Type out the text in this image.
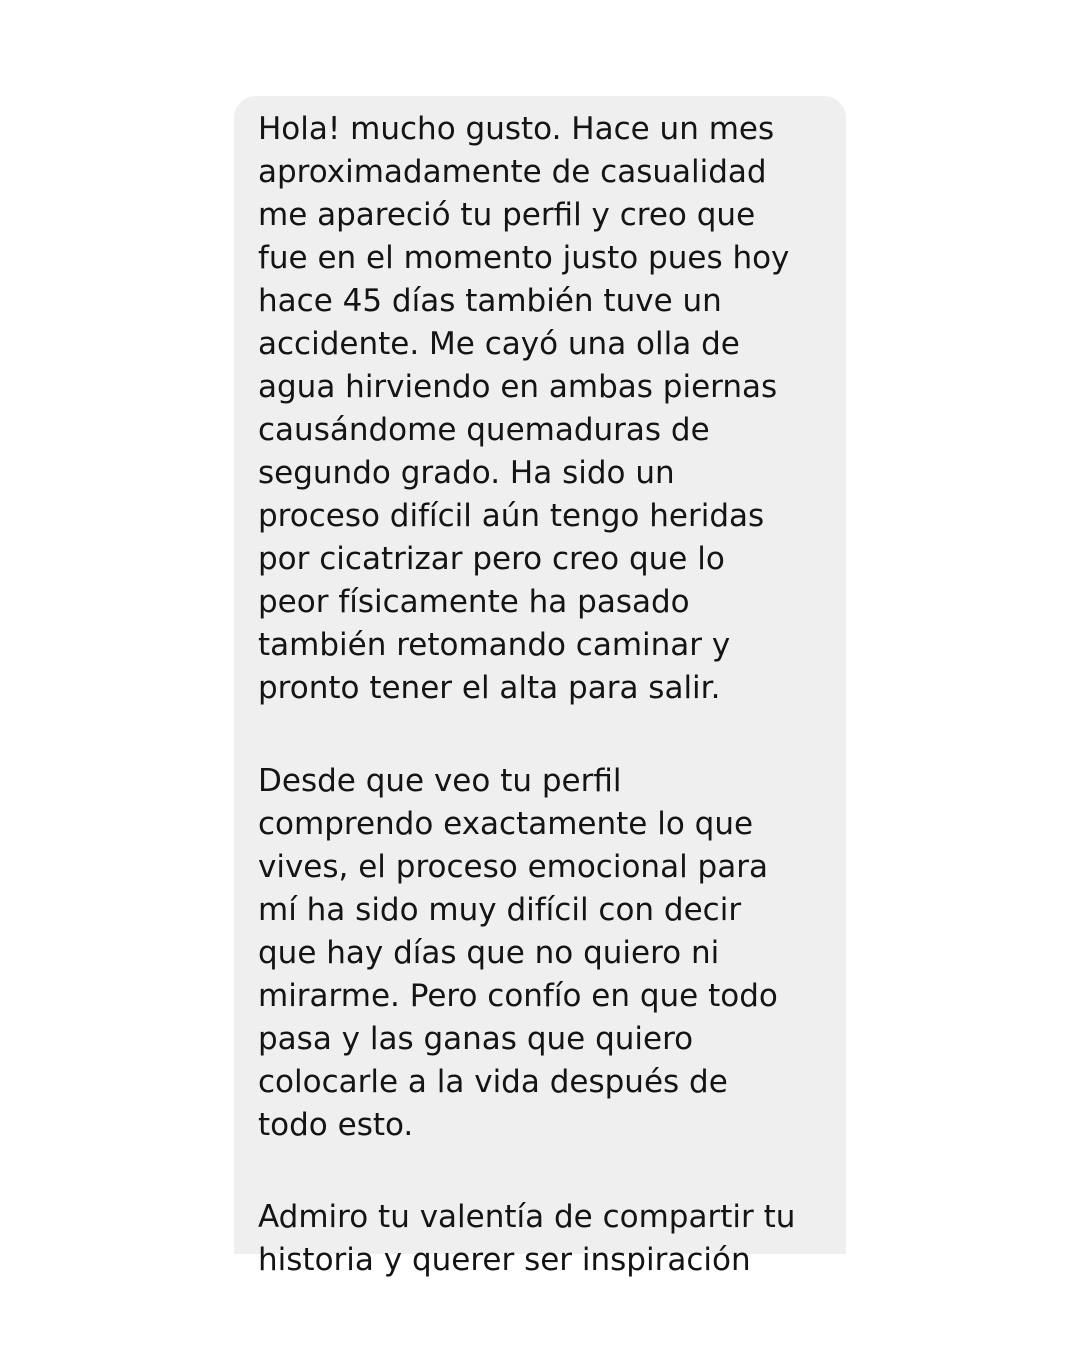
Hola! mucho gusto. Hace un mes
aproximadamente de casualidad
me apareció tu perfil y creo que
fue en el momento justo pues hoy
hace 45 días también tuve un
accidente. Me cayó una olla de
agua hirviendo en ambas piernas
causándome quemaduras de
segundo grado. Ha sido un
proceso difícil aún tengo heridas
por cicatrizar pero creo que lo
peor físicamente ha pasado
también retomando caminar y
pronto tener el alta para salir.

Desde que veo tu perfil
comprendo exactamente lo que
vives, el proceso emocional para
mí ha sido muy difícil con decir
que hay días que no quiero ni
mirarme. Pero confío en que todo
pasa y las ganas que quiero
colocarle a la vida después de
todo esto.

Admiro tu valentía de compartir tu
historia y querer ser inspiración
